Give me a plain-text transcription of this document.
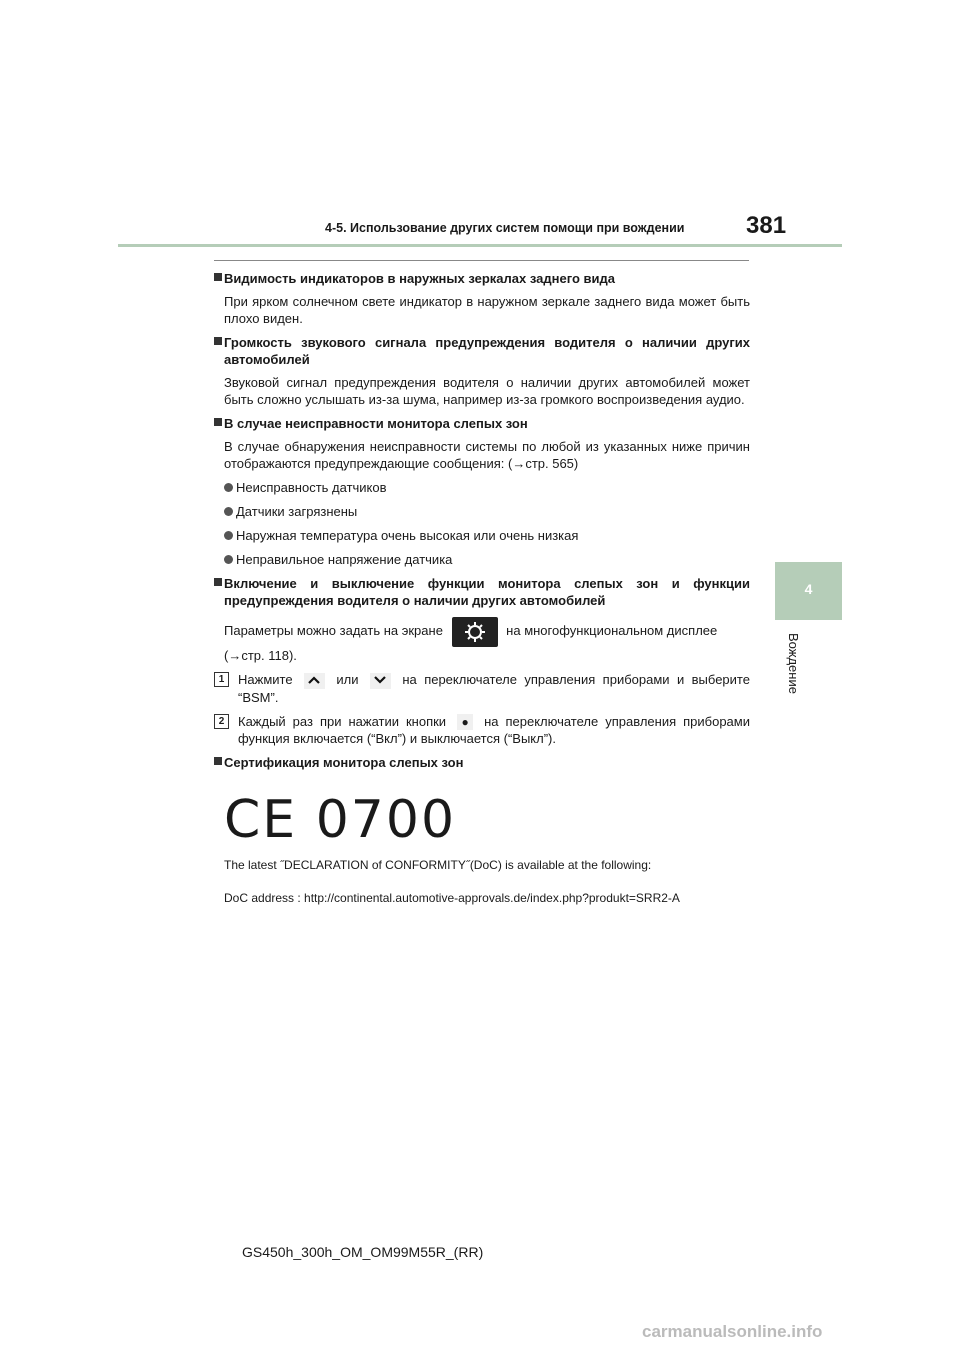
4-5. Использование других систем помощи при вождении	381
4
Вождение
Видимость индикаторов в наружных зеркалах заднего вида
При ярком солнечном свете индикатор в наружном зеркале заднего вида может быть плохо виден.
Громкость звукового сигнала предупреждения водителя о наличии других автомобилей
Звуковой сигнал предупреждения водителя о наличии других автомобилей может быть сложно услышать из-за шума, например из-за громкого воспроизведения аудио.
В случае неисправности монитора слепых зон
В случае обнаружения неисправности системы по любой из указанных ниже причин отображаются предупреждающие сообщения: (→стр. 565)
Неисправность датчиков
Датчики загрязнены
Наружная температура очень высокая или очень низкая
Неправильное напряжение датчика
Включение и выключение функции монитора слепых зон и функции предупреждения водителя о наличии других автомобилей
Параметры можно задать на экране	на многофункциональном дисплее
(→стр. 118).
1	Нажмите	или	на переключателе управления приборами и выберите “BSM”.
2	Каждый раз при нажатии кнопки ● на переключателе управления приборами функция включается (“Вкл”) и выключается (“Выкл”).
Сертификация монитора слепых зон
CE 0700
The latest ˝DECLARATION of CONFORMITY˝(DoC) is available at the following:
DoC address : http://continental.automotive-approvals.de/index.php?produkt=SRR2-A
GS450h_300h_OM_OM99M55R_(RR)
carmanualsonline.info
